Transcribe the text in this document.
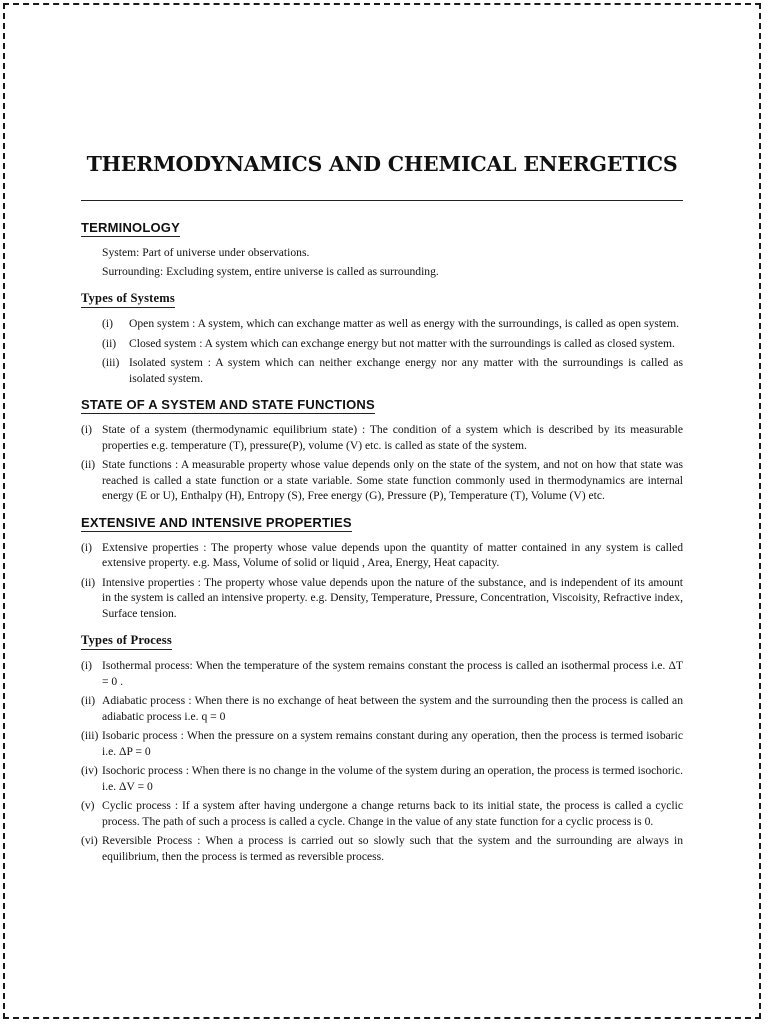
THERMODYNAMICS AND CHEMICAL ENERGETICS
TERMINOLOGY

System: Part of universe under observations.

Surrounding: Excluding system, entire universe is called as surrounding.

Types of Systems
(i)	Open system : A system, which can exchange matter as well as energy with the surroundings, is called as open system.
(ii)	Closed system : A system which can exchange energy but not matter with the surroundings is called as closed system.
(iii) Isolated system : A system which can neither exchange energy nor any matter with the surroundings is called as isolated system.
STATE OF A SYSTEM AND STATE FUNCTIONS
(i) State of a system (thermodynamic equilibrium state) : The condition of a system which is described by its measurable properties e.g. temperature (T), pressure(P), volume (V) etc. is called as state of the system.
(ii) State functions : A measurable property whose value depends only on the state of the system, and not on how that state was reached is called a state function or a state variable. Some state function commonly used in thermodynamics are internal energy (E or U), Enthalpy (H), Entropy (S), Free energy (G), Pressure (P), Temperature (T), Volume (V) etc.
EXTENSIVE AND INTENSIVE PROPERTIES
(i) Extensive properties : The property whose value depends upon the quantity of matter contained in any system is called extensive property. e.g. Mass, Volume of solid or liquid , Area, Energy, Heat capacity.
(ii) Intensive properties : The property whose value depends upon the nature of the substance, and is independent of its amount in the system is called an intensive property. e.g. Density, Temperature, Pressure, Concentration, Viscoisity, Refractive index, Surface tension.
Types of Process
(i) Isothermal process: When the temperature of the system remains constant the process is called an isothermal process i.e. ΔT = 0 .
(ii) Adiabatic process : When there is no exchange of heat between the system and the surrounding then the process is called an adiabatic process i.e. q = 0
(iii) Isobaric process : When the pressure on a system remains constant during any operation, then the process is termed isobaric i.e. ΔP = 0
(iv) Isochoric process : When there is no change in the volume of the system during an operation, the process is termed isochoric. i.e. ΔV = 0
(v) Cyclic process : If a system after having undergone a change returns back to its initial state, the process is called a cyclic process. The path of such a process is called a cycle. Change in the value of any state function for a cyclic process is 0.
(vi) Reversible Process : When a process is carried out so slowly such that the system and the surrounding are always in equilibrium, then the process is termed as reversible process.
